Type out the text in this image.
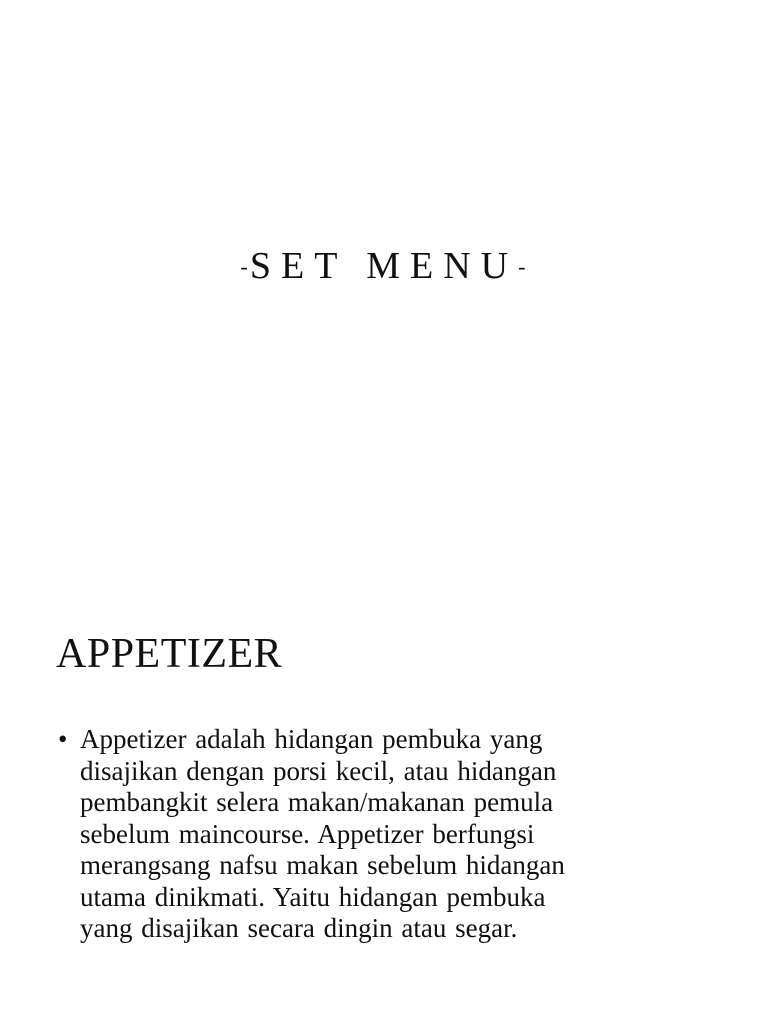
-SET MENU-
APPETIZER
• Appetizer adalah hidangan pembuka yang
disajikan dengan porsi kecil, atau hidangan
pembangkit selera makan/makanan pemula
sebelum maincourse. Appetizer berfungsi
merangsang nafsu makan sebelum hidangan
utama dinikmati. Yaitu hidangan pembuka
yang disajikan secara dingin atau segar.
